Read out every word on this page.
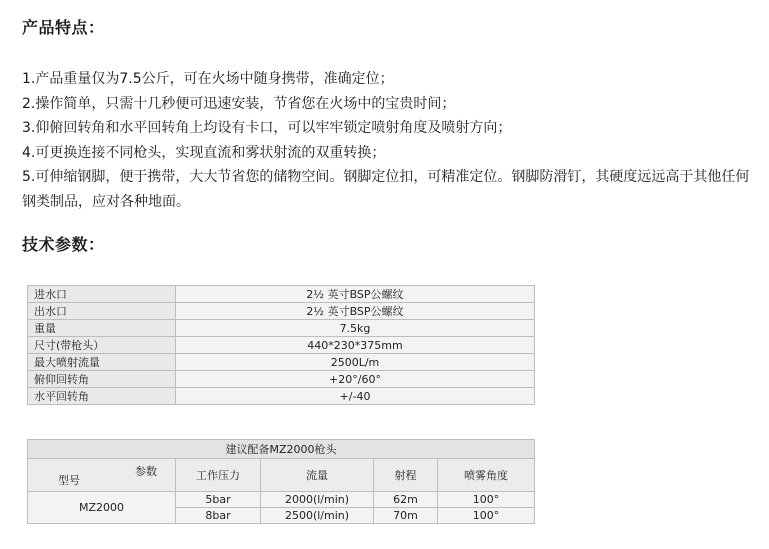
产品特点：
1.产品重量仅为7.5公斤，可在火场中随身携带，准确定位；
2.操作简单，只需十几秒便可迅速安装，节省您在火场中的宝贵时间；
3.仰俯回转角和水平回转角上均设有卡口，可以牢牢锁定喷射角度及喷射方向；
4.可更换连接不同枪头，实现直流和雾状射流的双重转换；
5.可伸缩钢脚，便于携带，大大节省您的储物空间。钢脚定位扣，可精准定位。钢脚防滑钉，其硬度远远高于其他任何钢类制品，应对各种地面。
技术参数：
进水口	2½ 英寸BSP公螺纹
出水口	2½ 英寸BSP公螺纹
重量	7.5kg
尺寸(带枪头）	440*230*375mm
最大喷射流量	2500L/m
俯仰回转角	+20°/60°
水平回转角	+/-40
建议配备MZ2000枪头				

参数
型号	工作压力	流量	射程	喷雾角度
MZ2000	5bar	2000(l/min)	62m	100°
	8bar	2500(l/min)	70m	100°
